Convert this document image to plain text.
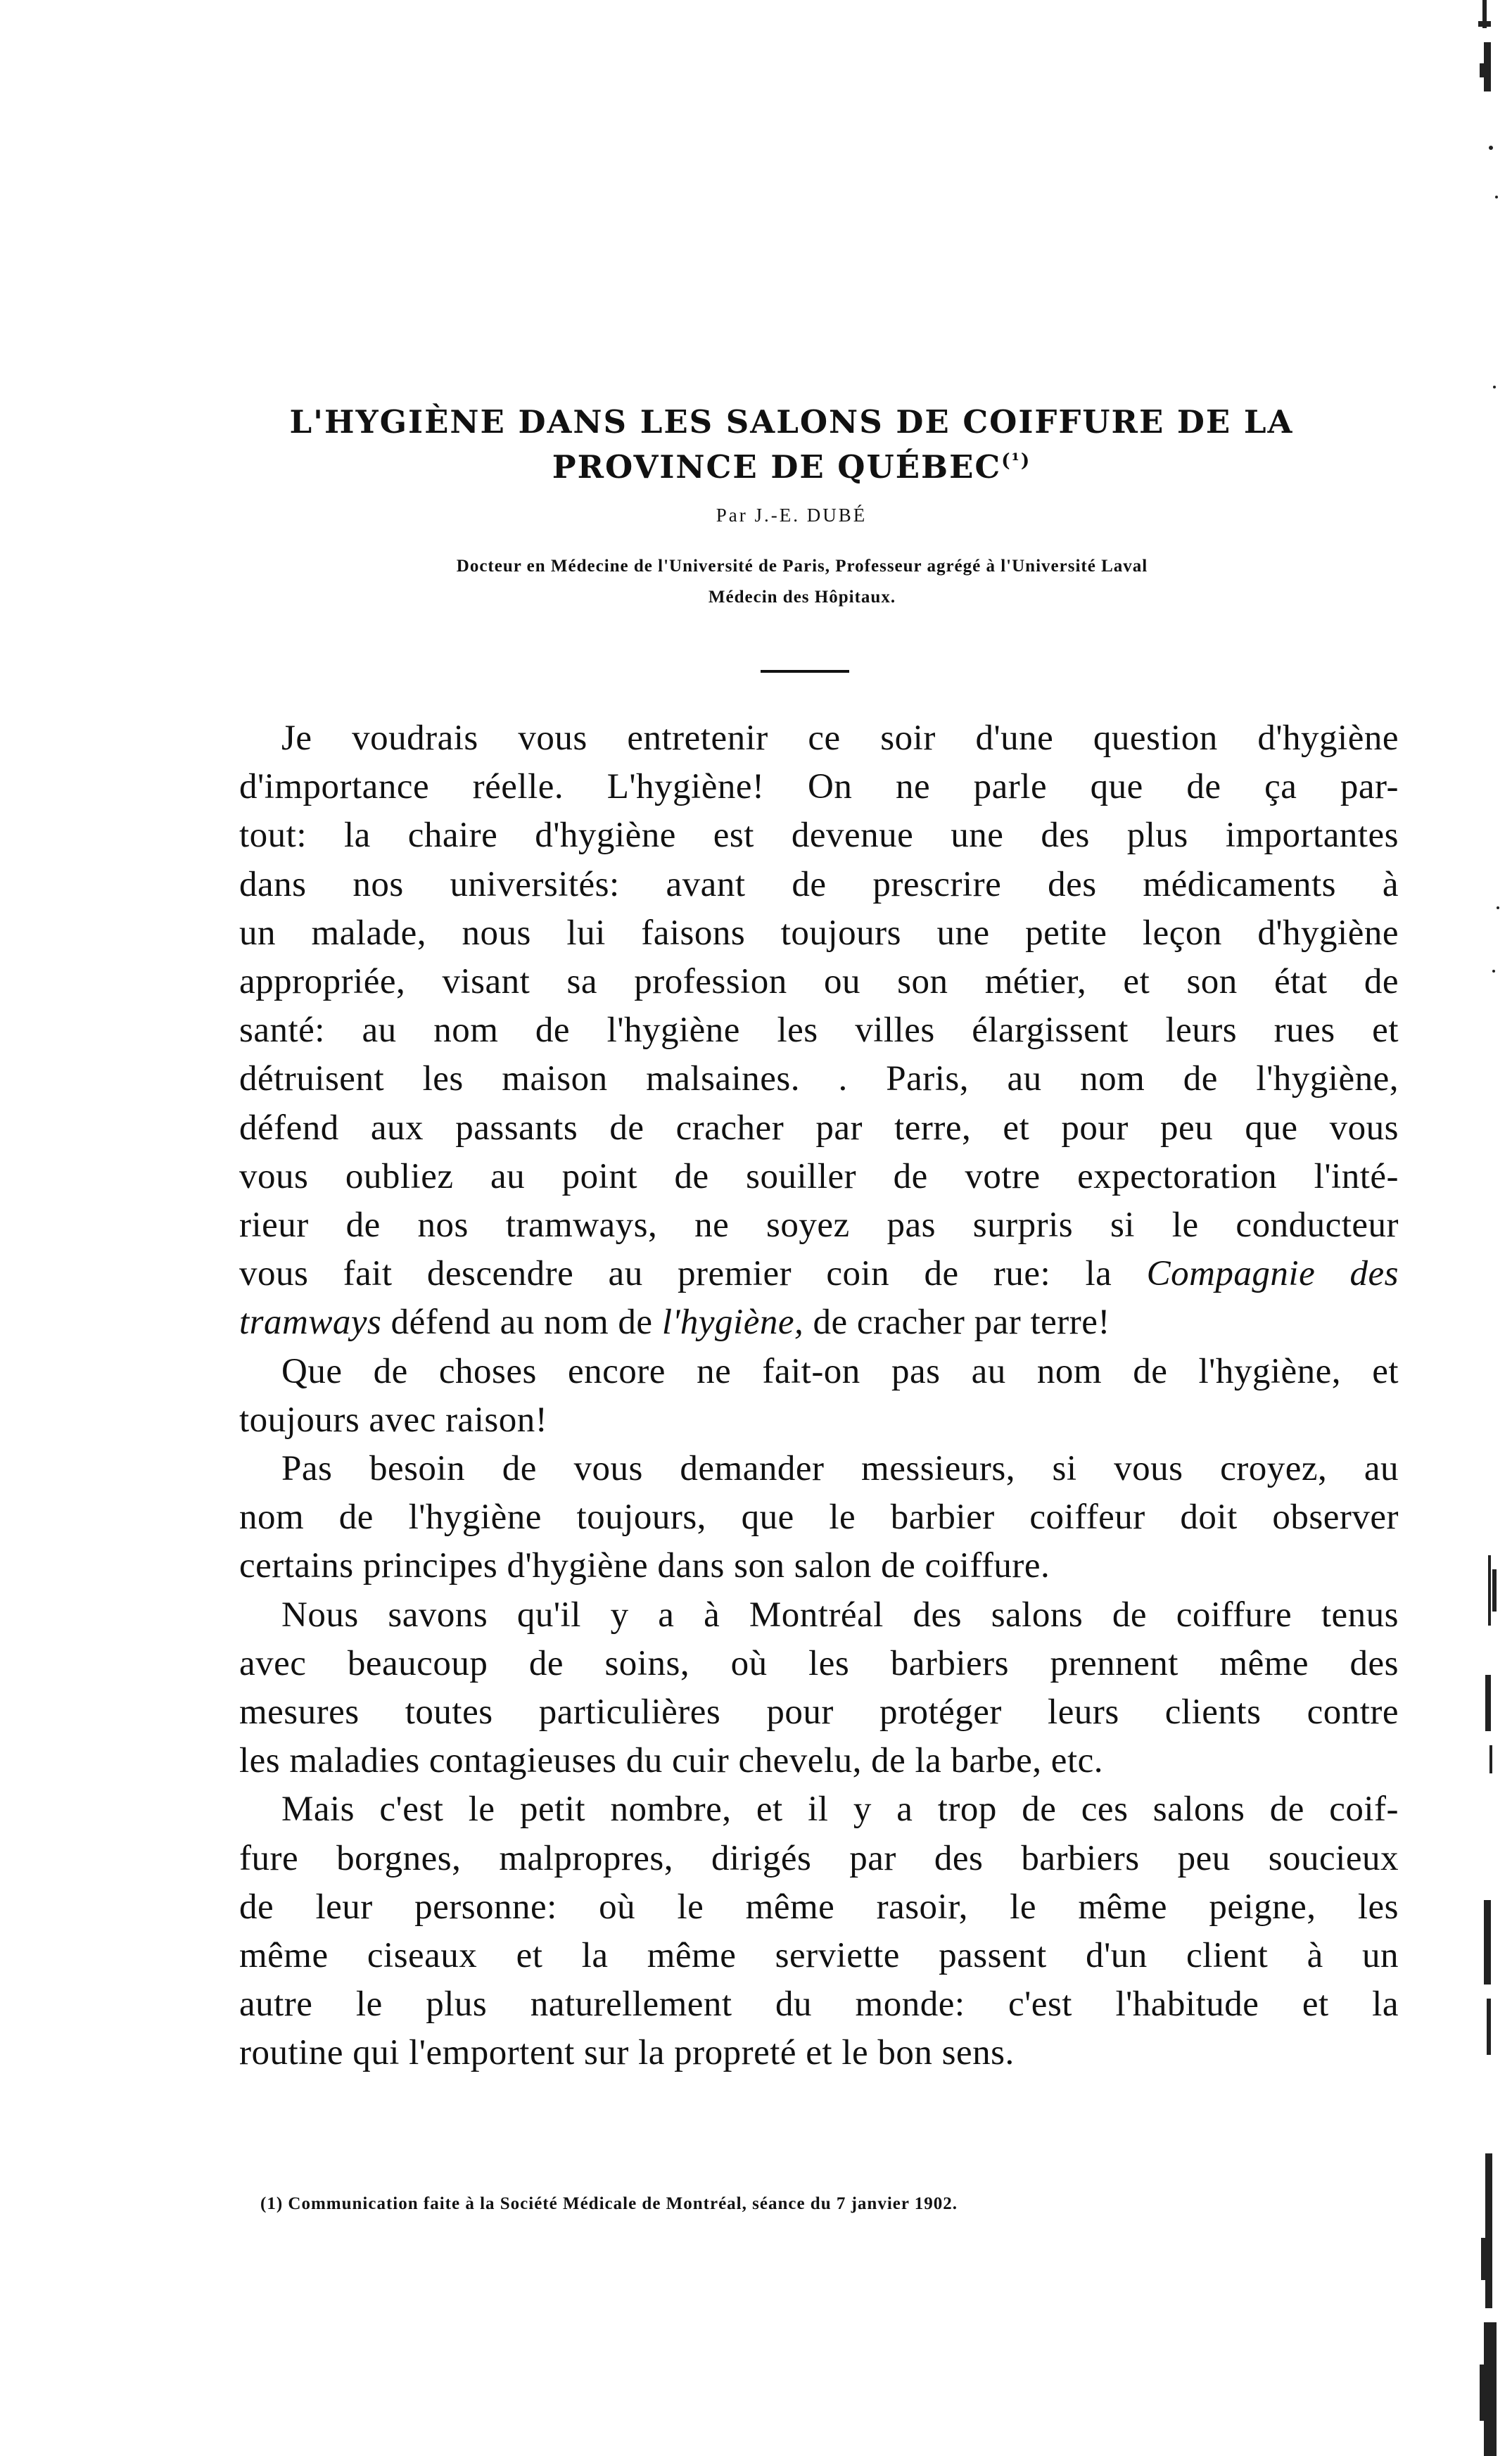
L'HYGIÈNE DANS LES SALONS DE COIFFURE DE LA
PROVINCE DE $QUÉBEC^{(^1)}$
Par J.-E. DUBÉ
Docteur en Médecine de l'Université de Paris, Professeur agrégé à l'Université Laval
Médecin des Hôpitaux.
Je voudrais vous entretenir ce soir d'une question d'hygiène
d'importance réelle. L'hygiène! On ne parle que de ça par-
tout: la chaire d'hygiène est devenue une des plus importantes
dans nos universités: avant de prescrire des médicaments à
un malade, nous lui faisons toujours une petite leçon d'hygiène
appropriée, visant sa profession ou son métier, et son état de
santé: au nom de l'hygiène les villes élargissent leurs rues et
détruisent les maison malsaines. . Paris, au nom de l'hygiène,
défend aux passants de cracher par terre, et pour peu que vous
vous oubliez au point de souiller de votre expectoration l'inté-
rieur de nos tramways, ne soyez pas surpris si le conducteur
vous fait descendre au premier coin de rue: la Compagnie des
tramways défend au nom de l'hygiène, de cracher par terre!
Que de choses encore ne fait-on pas au nom de l'hygiène, et
toujours avec raison!
Pas besoin de vous demander messieurs, si vous croyez, au
nom de l'hygiène toujours, que le barbier coiffeur doit observer
certains principes d'hygiène dans son salon de coiffure.
Nous savons qu'il y a à Montréal des salons de coiffure tenus
avec beaucoup de soins, où les barbiers prennent même des
mesures toutes particulières pour protéger leurs clients contre
les maladies contagieuses du cuir chevelu, de la barbe, etc.
Mais c'est le petit nombre, et il y a trop de ces salons de coif-
fure borgnes, malpropres, dirigés par des barbiers peu soucieux
de leur personne: où le même rasoir, le même peigne, les
même ciseaux et la même serviette passent d'un client à un
autre le plus naturellement du monde: c'est l'habitude et la
routine qui l'emportent sur la propreté et le bon sens.
(1) Communication faite à la Société Médicale de Montréal, séance du 7 janvier 1902.
